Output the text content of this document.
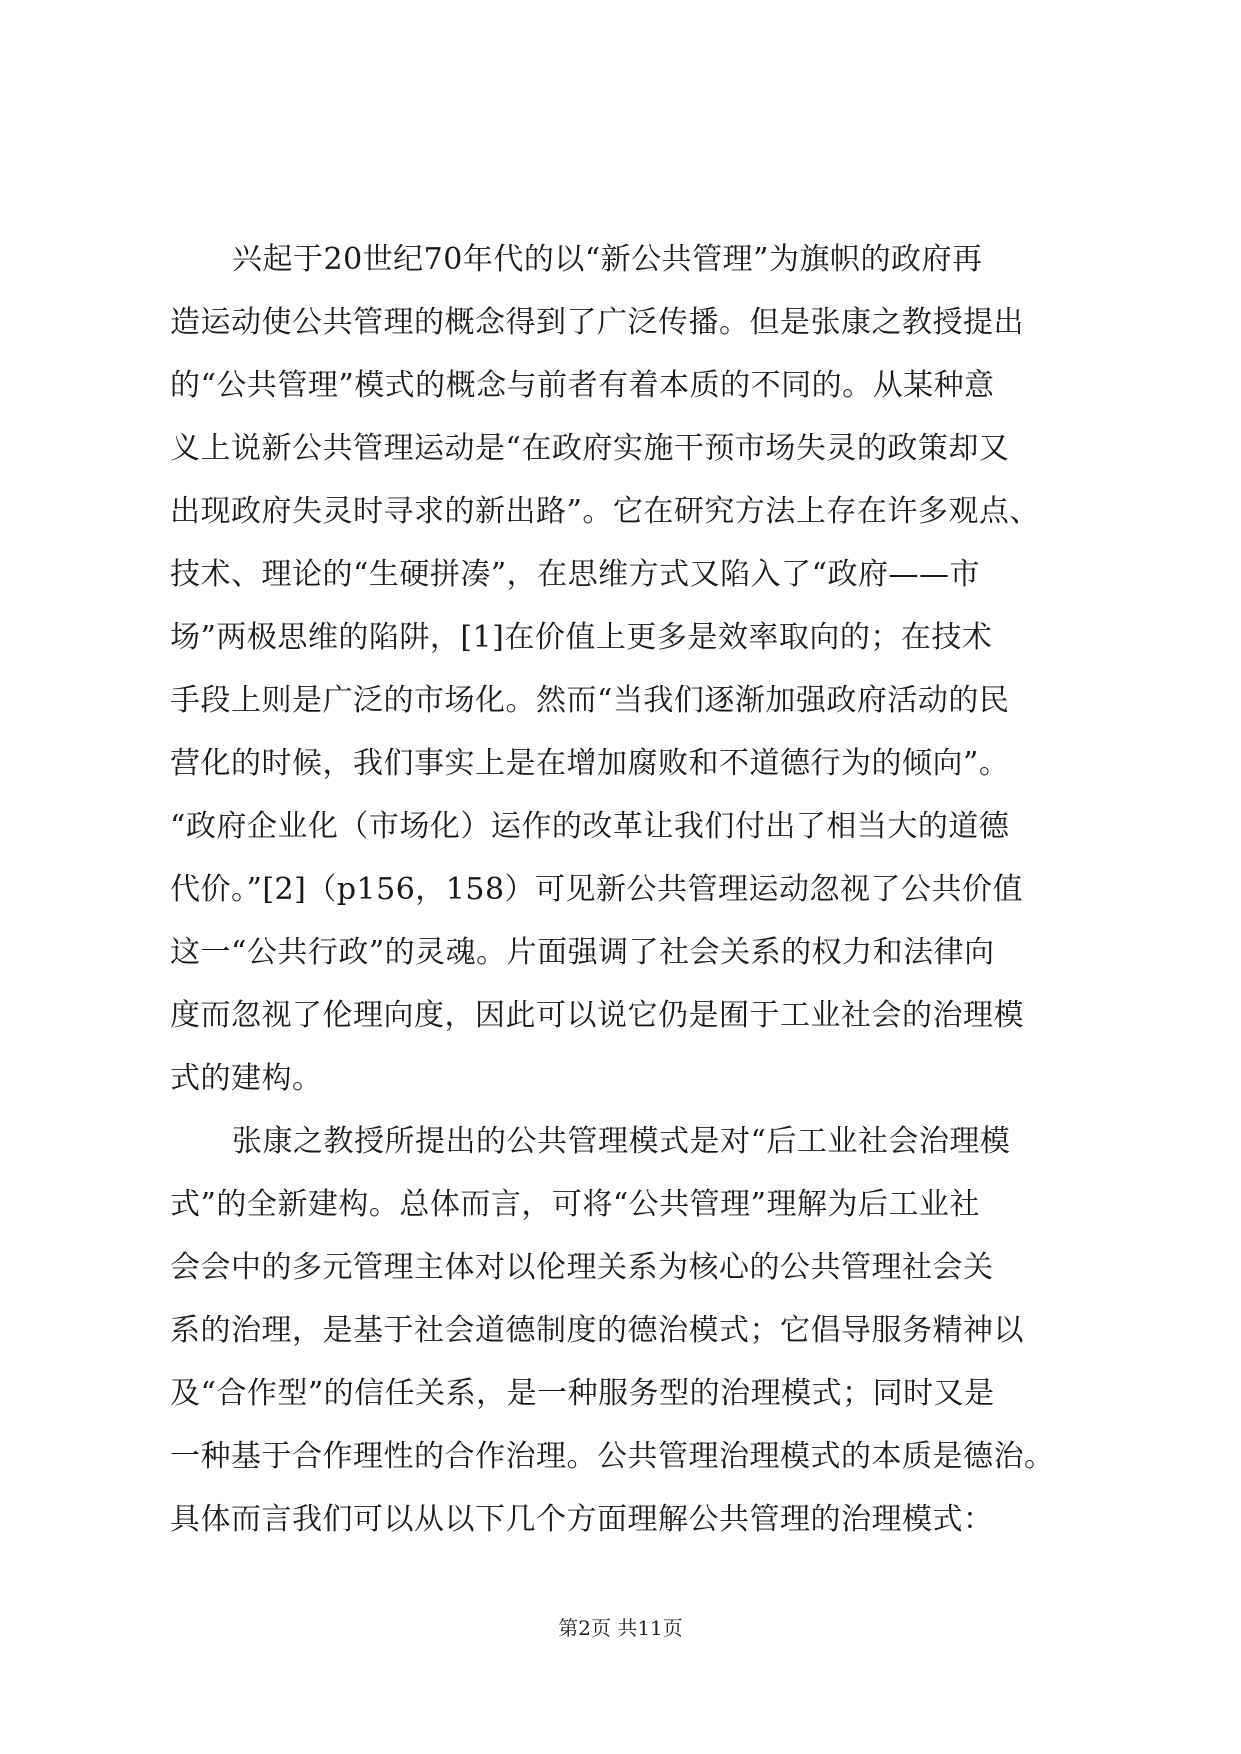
兴起于20世纪70年代的以“新公共管理”为旗帜的政府再
造运动使公共管理的概念得到了广泛传播。但是张康之教授提出
的“公共管理”模式的概念与前者有着本质的不同的。从某种意
义上说新公共管理运动是“在政府实施干预市场失灵的政策却又
出现政府失灵时寻求的新出路”。它在研究方法上存在许多观点、
技术、理论的“生硬拼凑”，在思维方式又陷入了“政府——市
场”两极思维的陷阱，[1]在价值上更多是效率取向的；在技术
手段上则是广泛的市场化。然而“当我们逐渐加强政府活动的民
营化的时候，我们事实上是在增加腐败和不道德行为的倾向”。
“政府企业化（市场化）运作的改革让我们付出了相当大的道德
代价。”[2]（p156，158）可见新公共管理运动忽视了公共价值
这一“公共行政”的灵魂。片面强调了社会关系的权力和法律向
度而忽视了伦理向度，因此可以说它仍是囿于工业社会的治理模
式的建构。
张康之教授所提出的公共管理模式是对“后工业社会治理模
式”的全新建构。总体而言，可将“公共管理”理解为后工业社
会会中的多元管理主体对以伦理关系为核心的公共管理社会关
系的治理，是基于社会道德制度的德治模式；它倡导服务精神以
及“合作型”的信任关系，是一种服务型的治理模式；同时又是
一种基于合作理性的合作治理。公共管理治理模式的本质是德治。
具体而言我们可以从以下几个方面理解公共管理的治理模式：
第2页 共11页
